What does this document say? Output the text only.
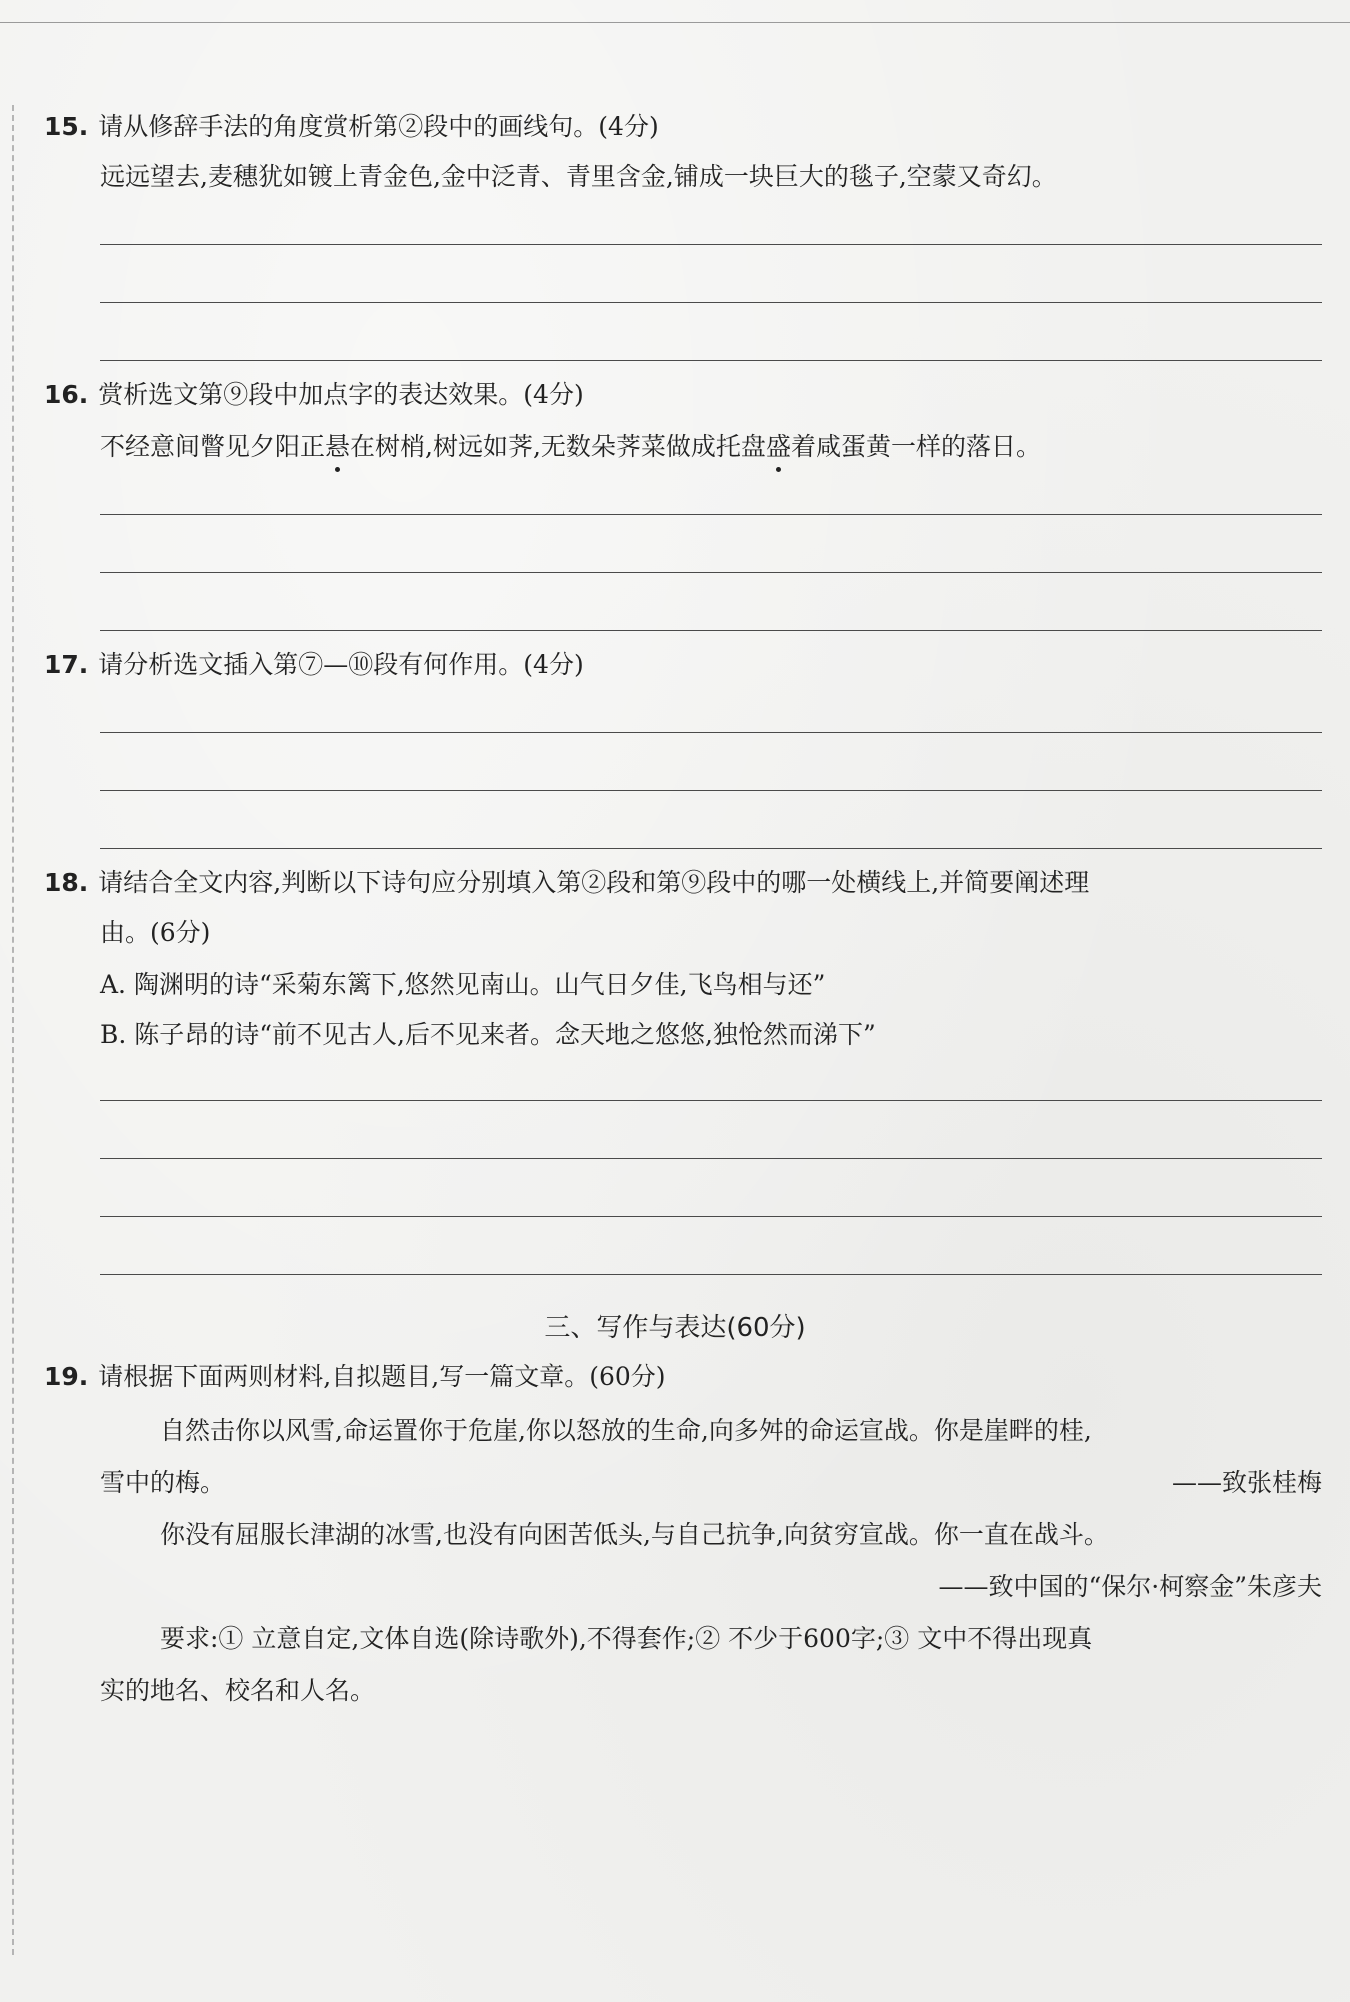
15. 请从修辞手法的角度赏析第②段中的画线句。(4分)
远远望去,麦穗犹如镀上青金色,金中泛青、青里含金,铺成一块巨大的毯子,空蒙又奇幻。
16. 赏析选文第⑨段中加点字的表达效果。(4分)
不经意间瞥见夕阳正悬在树梢,树远如荠,无数朵荠菜做成托盘盛着咸蛋黄一样的落日。
17. 请分析选文插入第⑦—⑩段有何作用。(4分)
18. 请结合全文内容,判断以下诗句应分别填入第②段和第⑨段中的哪一处横线上,并简要阐述理
由。(6分)
A. 陶渊明的诗“采菊东篱下,悠然见南山。山气日夕佳,飞鸟相与还”
B. 陈子昂的诗“前不见古人,后不见来者。念天地之悠悠,独怆然而涕下”
三、写作与表达(60分)
19. 请根据下面两则材料,自拟题目,写一篇文章。(60分)
自然击你以风雪,命运置你于危崖,你以怒放的生命,向多舛的命运宣战。你是崖畔的桂,
雪中的梅。	——致张桂梅
你没有屈服长津湖的冰雪,也没有向困苦低头,与自己抗争,向贫穷宣战。你一直在战斗。
——致中国的“保尔·柯察金”朱彦夫
要求:① 立意自定,文体自选(除诗歌外),不得套作;② 不少于600字;③ 文中不得出现真
实的地名、校名和人名。
